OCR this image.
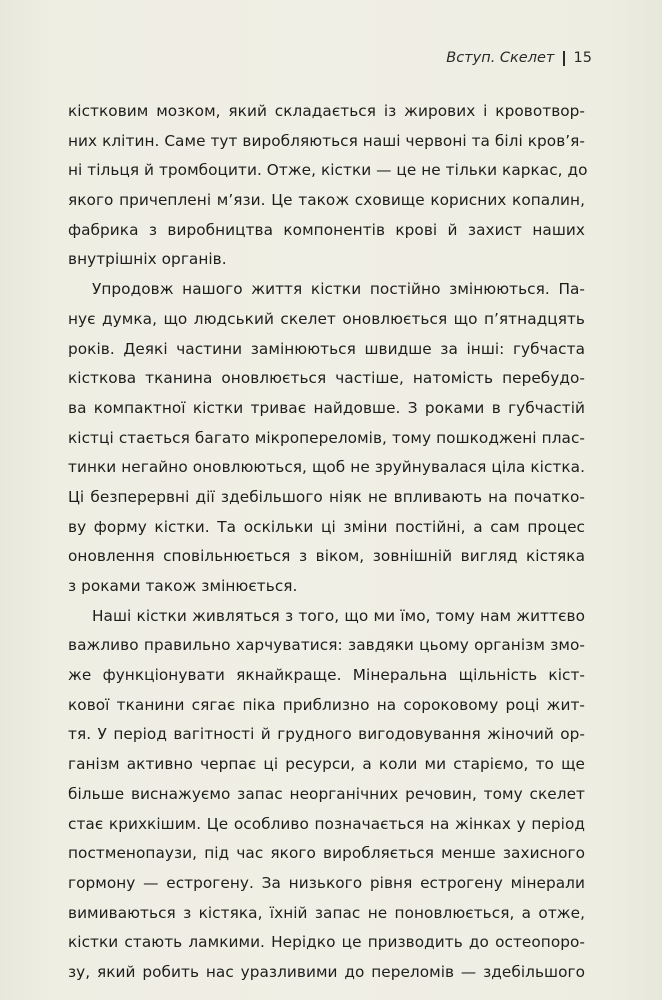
Вступ. Скелет 15
кістковим мозком, який складається із жирових і кровотвор-
них клітин. Саме тут виробляються наші червоні та білі кров’я-
ні тільця й тромбоцити. Отже, кістки — це не тільки каркас, до
якого причеплені м’язи. Це також сховище корисних копалин,
фабрика з виробництва компонентів крові й захист наших
внутрішніх органів.
Упродовж нашого життя кістки постійно змінюються. Па-
нує думка, що людський скелет оновлюється що п’ятнадцять
років. Деякі частини замінюються швидше за інші: губчаста
кісткова тканина оновлюється частіше, натомість перебудо-
ва компактної кістки триває найдовше. З роками в губчастій
кістці стається багато мікропереломів, тому пошкоджені плас-
тинки негайно оновлюються, щоб не зруйнувалася ціла кістка.
Ці безперервні дії здебільшого ніяк не впливають на початко-
ву форму кістки. Та оскільки ці зміни постійні, а сам процес
оновлення сповільнюється з віком, зовнішній вигляд кістяка
з роками також змінюється.
Наші кістки живляться з того, що ми їмо, тому нам життєво
важливо правильно харчуватися: завдяки цьому організм змо-
же функціонувати якнайкраще. Мінеральна щільність кіст-
кової тканини сягає піка приблизно на сороковому році жит-
тя. У період вагітності й грудного вигодовування жіночий ор-
ганізм активно черпає ці ресурси, а коли ми старіємо, то ще
більше виснажуємо запас неорганічних речовин, тому скелет
стає крихкішим. Це особливо позначається на жінках у період
постменопаузи, під час якого виробляється менше захисного
гормону — естрогену. За низького рівня естрогену мінерали
вимиваються з кістяка, їхній запас не поновлюється, а отже,
кістки стають ламкими. Нерідко це призводить до остеопоро-
зу, який робить нас уразливими до переломів — здебільшого
